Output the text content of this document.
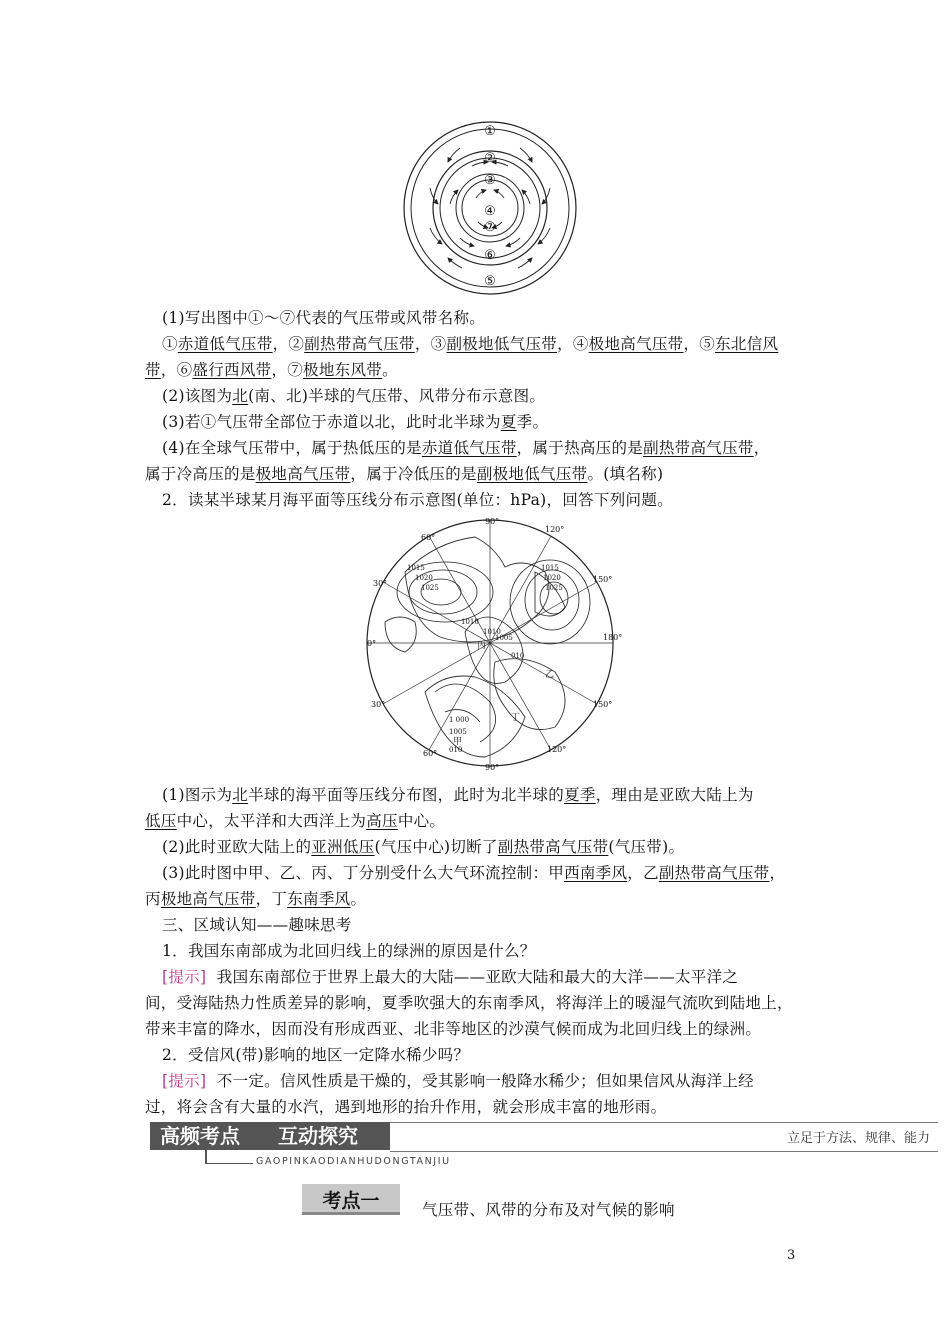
①
②
③
④
⑦
⑥
⑤
(1)写出图中①～⑦代表的气压带或风带名称。
①赤道低气压带，②副热带高气压带，③副极地低气压带，④极地高气压带，⑤东北信风
带，⑥盛行西风带，⑦极地东风带。
(2)该图为北(南、北)半球的气压带、风带分布示意图。
(3)若①气压带全部位于赤道以北，此时北半球为夏季。
(4)在全球气压带中，属于热低压的是赤道低气压带，属于热高压的是副热带高气压带，
属于冷高压的是极地高气压带，属于冷低压的是副极地低气压带。(填名称)
2．读某半球某月海平面等压线分布示意图(单位：hPa)，回答下列问题。
90°
120°
150°
180°
150°
120°
90°
60°
30°
0°
30°
60°
1015
1020
1025
1010
1015
1020
1025
1010
1005
1 000
1005
010
010
丙
乙
丁
甲
(1)图示为北半球的海平面等压线分布图，此时为北半球的夏季，理由是亚欧大陆上为
低压中心，太平洋和大西洋上为高压中心。
(2)此时亚欧大陆上的亚洲低压(气压中心)切断了副热带高气压带(气压带)。
(3)此时图中甲、乙、丙、丁分别受什么大气环流控制：甲西南季风，乙副热带高气压带，
丙极地高气压带，丁东南季风。
三、区域认知——趣味思考
1．我国东南部成为北回归线上的绿洲的原因是什么？
[提示] 我国东南部位于世界上最大的大陆——亚欧大陆和最大的大洋——太平洋之
间，受海陆热力性质差异的影响，夏季吹强大的东南季风，将海洋上的暖湿气流吹到陆地上，
带来丰富的降水，因而没有形成西亚、北非等地区的沙漠气候而成为北回归线上的绿洲。
2．受信风(带)影响的地区一定降水稀少吗？
[提示] 不一定。信风性质是干燥的，受其影响一般降水稀少；但如果信风从海洋上经
过，将会含有大量的水汽，遇到地形的抬升作用，就会形成丰富的地形雨。
高频考点 互动探究	立足于方法、规律、能力
GAOPINKAODIANHUDONGTANJIU
考点一	气压带、风带的分布及对气候的影响
3
